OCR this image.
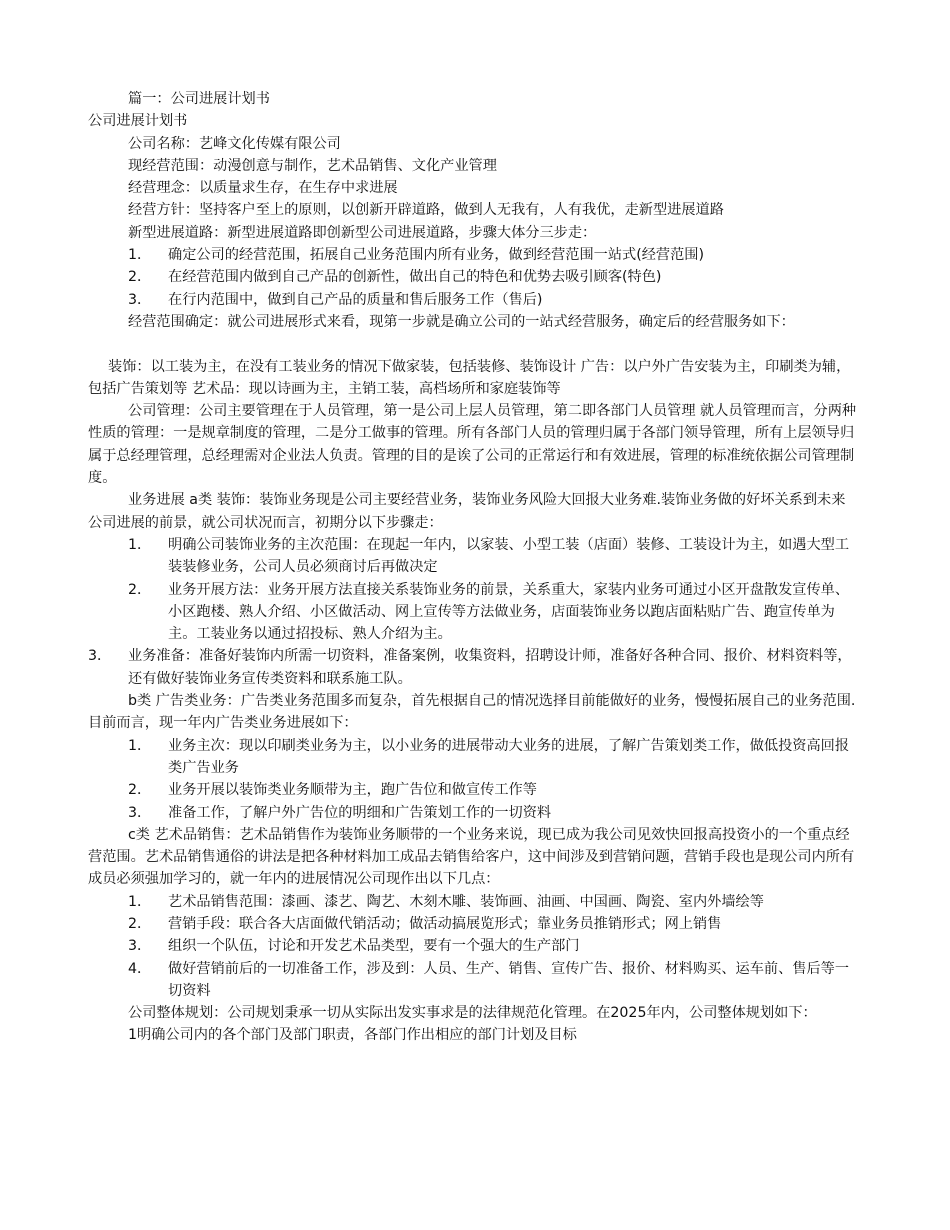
篇一：公司进展计划书

公司进展计划书

公司名称：艺峰文化传媒有限公司

现经营范围：动漫创意与制作，艺术品销售、文化产业管理

经营理念：以质量求生存，在生存中求进展

经营方针：坚持客户至上的原则，以创新开辟道路，做到人无我有，人有我优，走新型进展道路

新型进展道路：新型进展道路即创新型公司进展道路，步骤大体分三步走：

1．	确定公司的经营范围，拓展自己业务范围内所有业务，做到经营范围一站式(经营范围)
2．	在经营范围内做到自己产品的创新性，做出自己的特色和优势去吸引顾客(特色)
3．	在行内范围中，做到自己产品的质量和售后服务工作（售后)

经营范围确定：就公司进展形式来看，现第一步就是确立公司的一站式经营服务，确定后的经营服务如下：

装饰：以工装为主，在没有工装业务的情况下做家装，包括装修、装饰设计 广告：以户外广告安装为主，印刷类为辅，包括广告策划等 艺术品：现以诗画为主，主销工装，高档场所和家庭装饰等

公司管理：公司主要管理在于人员管理，第一是公司上层人员管理，第二即各部门人员管理 就人员管理而言，分两种性质的管理：一是规章制度的管理，二是分工做事的管理。所有各部门人员的管理归属于各部门领导管理，所有上层领导归属于总经理管理，总经理需对企业法人负责。管理的目的是诶了公司的正常运行和有效进展，管理的标准统依据公司管理制度。

业务进展 a类 装饰：装饰业务现是公司主要经营业务，装饰业务风险大回报大业务难.装饰业务做的好坏关系到未来公司进展的前景，就公司状况而言，初期分以下步骤走：

1．	明确公司装饰业务的主次范围：在现起一年内，以家装、小型工装（店面）装修、工装设计为主，如遇大型工装装修业务，公司人员必须商讨后再做决定
2．	业务开展方法：业务开展方法直接关系装饰业务的前景，关系重大，家装内业务可通过小区开盘散发宣传单、小区跑楼、熟人介绍、小区做活动、网上宣传等方法做业务，店面装饰业务以跑店面粘贴广告、跑宣传单为主。工装业务以通过招投标、熟人介绍为主。
3．	业务准备：准备好装饰内所需一切资料，准备案例，收集资料，招聘设计师，准备好各种合同、报价、材料资料等，还有做好装饰业务宣传类资料和联系施工队。

b类 广告类业务：广告类业务范围多而复杂，首先根据自己的情况选择目前能做好的业务，慢慢拓展自己的业务范围.目前而言，现一年内广告类业务进展如下：

1．	业务主次：现以印刷类业务为主，以小业务的进展带动大业务的进展，了解广告策划类工作，做低投资高回报类广告业务
2．	业务开展以装饰类业务顺带为主，跑广告位和做宣传工作等
3．	准备工作，了解户外广告位的明细和广告策划工作的一切资料

c类 艺术品销售：艺术品销售作为装饰业务顺带的一个业务来说，现已成为我公司见效快回报高投资小的一个重点经营范围。艺术品销售通俗的讲法是把各种材料加工成品去销售给客户，这中间涉及到营销问题，营销手段也是现公司内所有成员必须强加学习的，就一年内的进展情况公司现作出以下几点：

1．	艺术品销售范围：漆画、漆艺、陶艺、木刻木雕、装饰画、油画、中国画、陶瓷、室内外墙绘等
2．	营销手段：联合各大店面做代销活动；做活动搞展览形式；靠业务员推销形式；网上销售
3．	组织一个队伍，讨论和开发艺术品类型，要有一个强大的生产部门
4．	做好营销前后的一切准备工作，涉及到：人员、生产、销售、宣传广告、报价、材料购买、运车前、售后等一切资料

公司整体规划：公司规划秉承一切从实际出发实事求是的法律规范化管理。在2025年内，公司整体规划如下：

1明确公司内的各个部门及部门职责，各部门作出相应的部门计划及目标
